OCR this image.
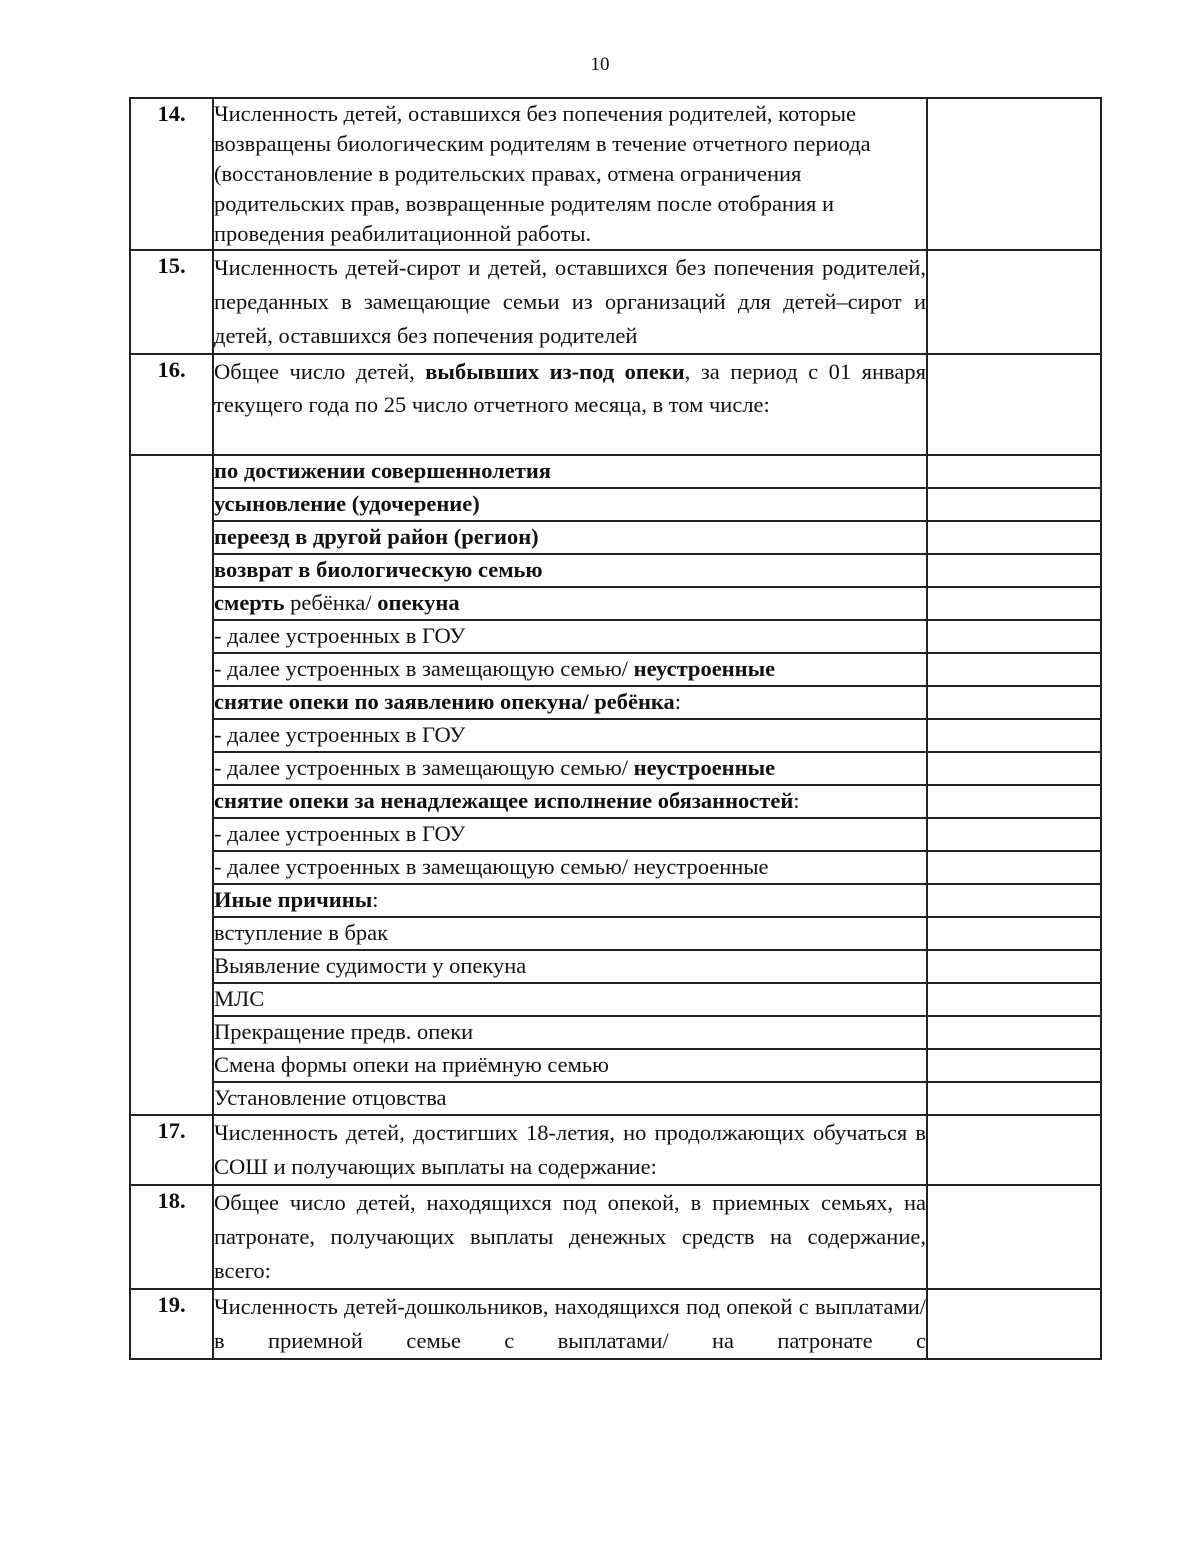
10
14.	Численность детей, оставшихся без попечения родителей, которые возвращены биологическим родителям в течение отчетного периода (восстановление в родительских правах, отмена ограничения родительских прав, возвращенные родителям после отобрания и проведения реабилитационной работы.	
15.	Численность детей-сирот и детей, оставшихся без попечения родителей, переданных в замещающие семьи из организаций для детей–сирот и детей, оставшихся без попечения родителей	
16.	Общее число детей, выбывших из-под опеки, за период с 01 января текущего года по 25 число отчетного месяца, в том числе:	
	по достижении совершеннолетия	
	усыновление (удочерение)	
	переезд в другой район (регион)	
	возврат в биологическую семью	
	смерть ребёнка/ опекуна	
	- далее устроенных в ГОУ	
	- далее устроенных в замещающую семью/ неустроенные	
	снятие опеки по заявлению опекуна/ ребёнка:	
	- далее устроенных в ГОУ	
	- далее устроенных в замещающую семью/ неустроенные	
	снятие опеки за ненадлежащее исполнение обязанностей:	
	- далее устроенных в ГОУ	
	- далее устроенных в замещающую семью/ неустроенные	
	Иные причины:	
	вступление в брак	
	Выявление судимости у опекуна	
	МЛС	
	Прекращение предв. опеки	
	Смена формы опеки на приёмную семью	
	Установление отцовства	
17.	Численность детей, достигших 18-летия, но продолжающих обучаться в СОШ и получающих выплаты на содержание:	
18.	Общее число детей, находящихся под опекой, в приемных семьях, на патронате, получающих выплаты денежных средств на содержание, всего:	
19.	Численность детей-дошкольников, находящихся под опекой с выплатами/ в приемной семье с выплатами/ на патронате с	
